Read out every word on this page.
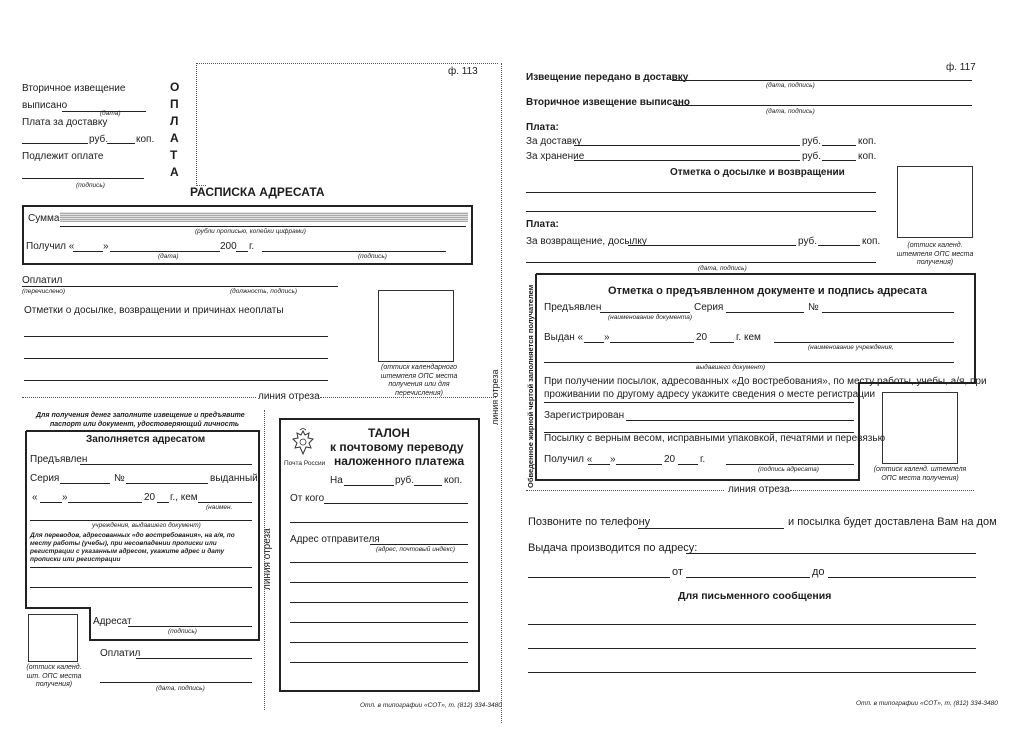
ф. 113
Вторичное извещение
выписано
(дата)
Плата за доставку
руб.	коп.
Подлежит оплате
(подпись)
О
П
Л
А
Т
А
РАСПИСКА АДРЕСАТА
Сумма
(рубли прописью, копейки цифрами)
Получил «	»	200 г.
(дата)	(подпись)
Оплатил
(перечислено)	(должность, подпись)
Отметки о досылке, возвращении и причинах неоплаты
(оттиск календарного штемпеля ОПС места получения или для перечисления)
линия отреза
Для получения денег заполните извещение и предъявите
паспорт или документ, удостоверяющий личность
Заполняется адресатом
Предъявлен
Серия	№	выданный
« »	20 г., кем
(наимен.
учреждения, выдавшего документ)
Для переводов, адресованных «до востребования», на а/я, по месту работы (учебы), при несовпадении прописки или регистрации с указанным адресом, укажите адрес и дату прописки или регистрации
Адресат
(подпись)
(оттиск календ. шт. ОПС места получения)
Оплатил
(дата, подпись)
линия отреза
Почта России
ТАЛОН
к почтовому переводу
наложенного платежа
На	руб.	коп.
От кого
Адрес отправителя
(адрес, почтовый индекс)
Отп. в типографии «СОТ», т. (812) 334-3480
линия отреза
ф. 117
Извещение передано в доставку
(дата, подпись)
Вторичное извещение выписано
(дата, подпись)
Плата:
За доставку	руб.	коп.
За хранение	руб.	коп.
Отметка о досылке и возвращении
Плата:
За возвращение, досылку	руб.	коп.
(дата, подпись)
(оттиск календ. штемпеля ОПС места получения)
Обведенное жирной чертой заполняется получателем	Отметка о предъявленном документе и подпись адресата
Предъявлен	Серия	№
(наименование документа)
Выдан « »	20	г. кем
(наименование учреждения,
выдавшего документ)
При получении посылок, адресованных «До востребования», по месту работы, учебы, а/я, при
проживании по другому адресу укажите сведения о месте регистрации
Зарегистрирован
Посылку с верным весом, исправными упаковкой, печатями и перевязью
Получил « »	20 г.
(подпись адресата)	(оттиск календ. штемпеля ОПС места получения)
линия отреза
Позвоните по телефону	и посылка будет доставлена Вам на дом
Выдача производится по адресу:
от	до
Для письменного сообщения
Отп. в типографии «СОТ», т. (812) 334-3480
